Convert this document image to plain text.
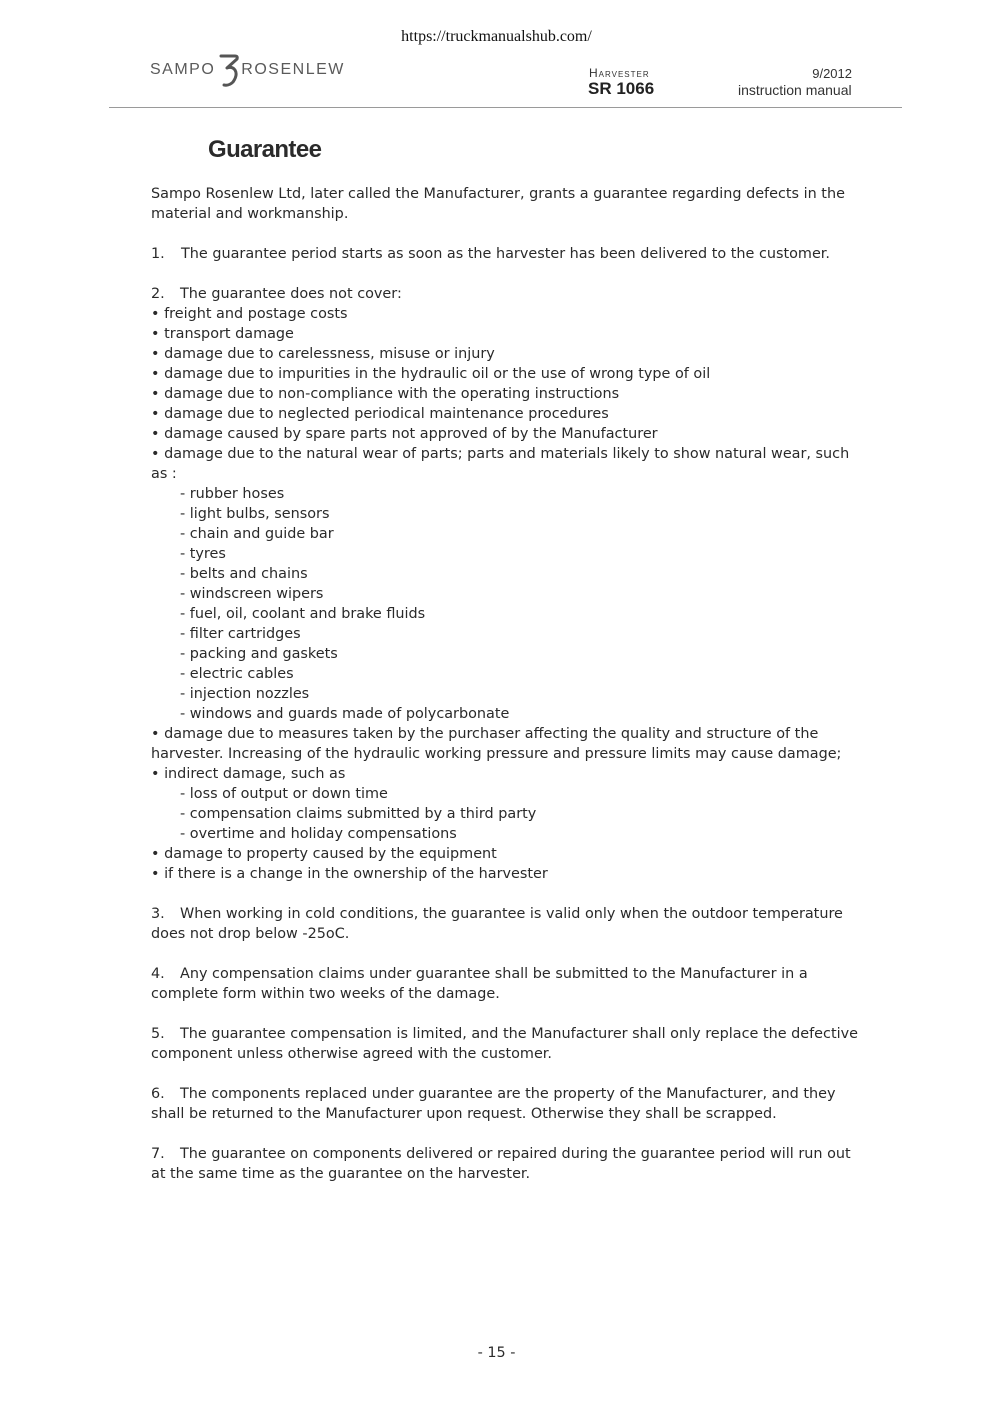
https://truckmanualshub.com/
SAMPO ROSENLEW	Harvester
SR 1066
9/2012
instruction manual
Guarantee
Sampo Rosenlew Ltd, later called the Manufacturer, grants a guarantee regarding defects in the material and workmanship.
1.	The guarantee period starts as soon as the harvester has been delivered to the customer.
2. The guarantee does not cover:
• freight and postage costs
• transport damage
• damage due to carelessness, misuse or injury
• damage due to impurities in the hydraulic oil or the use of wrong type of oil
• damage due to non-compliance with the operating instructions
• damage due to neglected periodical maintenance procedures
• damage caused by spare parts not approved of by the Manufacturer
• damage due to the natural wear of parts; parts and materials likely to show natural wear, such as :
- rubber hoses
- light bulbs, sensors
- chain and guide bar
- tyres
- belts and chains
- windscreen wipers
- fuel, oil, coolant and brake fluids
- filter cartridges
- packing and gaskets
- electric cables
- injection nozzles
- windows and guards made of polycarbonate
• damage due to measures taken by the purchaser affecting the quality and structure of the harvester. Increasing of the hydraulic working pressure and pressure limits may cause damage;
• indirect damage, such as
- loss of output or down time
- compensation claims submitted by a third party
- overtime and holiday compensations
• damage to property caused by the equipment
• if there is a change in the ownership of the harvester
3. When working in cold conditions, the guarantee is valid only when the outdoor temperature does not drop below -25oC.
4. Any compensation claims under guarantee shall be submitted to the Manufacturer in a complete form within two weeks of the damage.
5. The guarantee compensation is limited, and the Manufacturer shall only replace the defective component unless otherwise agreed with the customer.
6. The components replaced under guarantee are the property of the Manufacturer, and they shall be returned to the Manufacturer upon request. Otherwise they shall be scrapped.
7. The guarantee on components delivered or repaired during the guarantee period will run out at the same time as the guarantee on the harvester.
- 15 -
